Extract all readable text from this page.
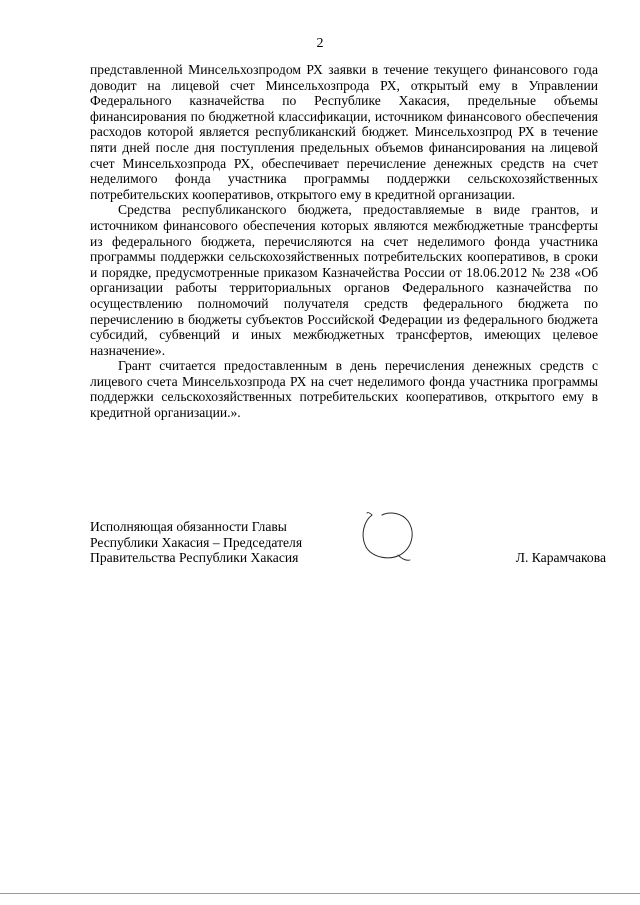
2

представленной Минсельхозпродом РХ заявки в течение текущего финансового года доводит на лицевой счет Минсельхозпрода РХ, открытый ему в Управлении Федерального казначейства по Республике Хакасия, предельные объемы финансирования по бюджетной классификации, источником финансового обеспечения расходов которой является республиканский бюджет. Минсельхозпрод РХ в течение пяти дней после дня поступления предельных объемов финансирования на лицевой счет Минсельхозпрода РХ, обеспечивает перечисление денежных средств на счет неделимого фонда участника программы поддержки сельскохозяйственных потребительских кооперативов, открытого ему в кредитной организации.

Средства республиканского бюджета, предоставляемые в виде грантов, и источником финансового обеспечения которых являются межбюджетные трансферты из федерального бюджета, перечисляются на счет неделимого фонда участника программы поддержки сельскохозяйственных потребительских кооперативов, в сроки и порядке, предусмотренные приказом Казначейства России от 18.06.2012 № 238 «Об организации работы территориальных органов Федерального казначейства по осуществлению полномочий получателя средств федерального бюджета по перечислению в бюджеты субъектов Российской Федерации из федерального бюджета субсидий, субвенций и иных межбюджетных трансфертов, имеющих целевое назначение».

Грант считается предоставленным в день перечисления денежных средств с лицевого счета Минсельхозпрода РХ на счет неделимого фонда участника программы поддержки сельскохозяйственных потребительских кооперативов, открытого ему в кредитной организации.».

Исполняющая обязанности Главы
Республики Хакасия – Председателя
Правительства Республики Хакасия	Л. Карамчакова
